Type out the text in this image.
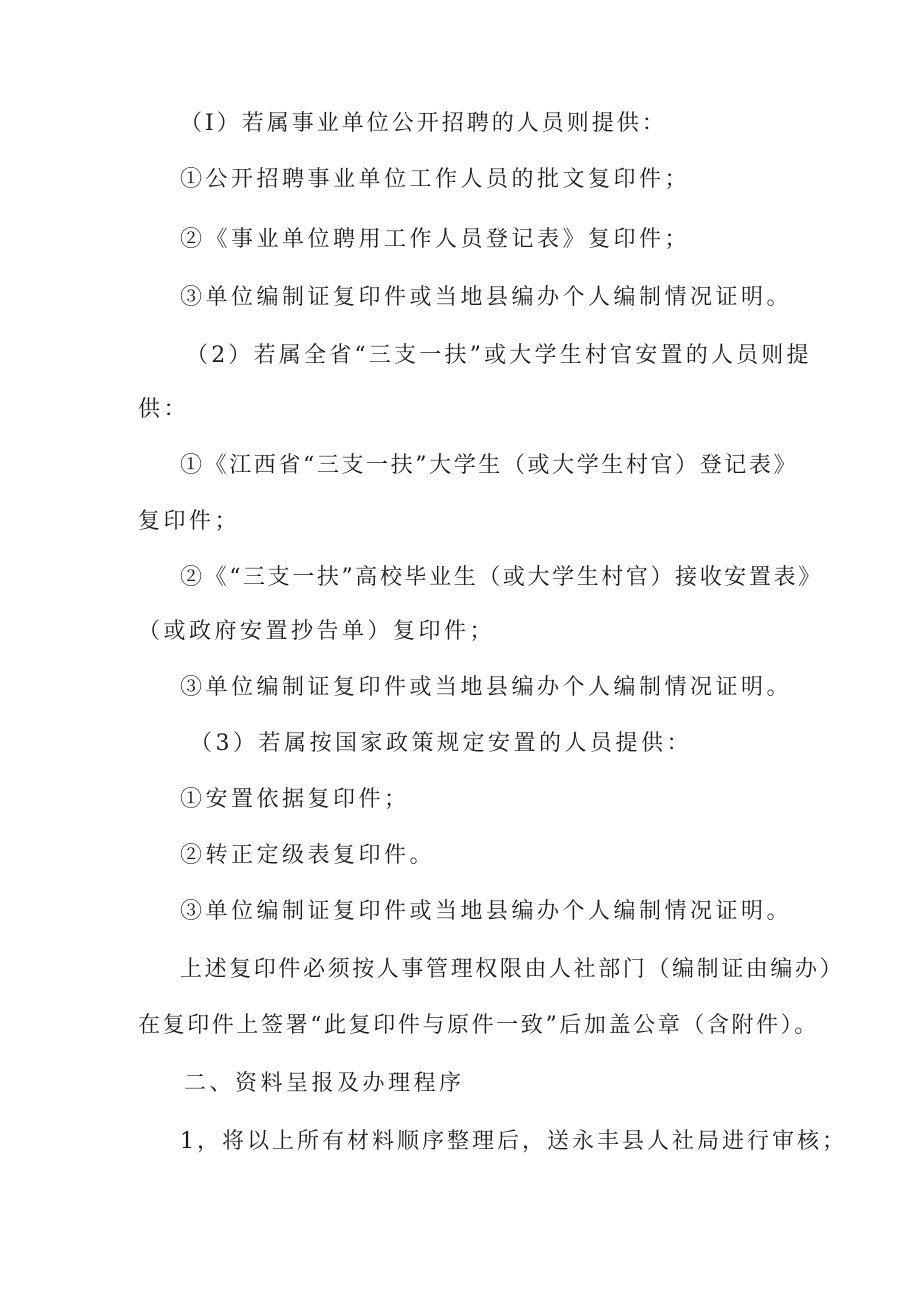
（I）若属事业单位公开招聘的人员则提供：
①公开招聘事业单位工作人员的批文复印件；
②《事业单位聘用工作人员登记表》复印件；
③单位编制证复印件或当地县编办个人编制情况证明。
（2）若属全省“三支一扶”或大学生村官安置的人员则提
供：
①《江西省“三支一扶”大学生（或大学生村官）登记表》
复印件；
②《“三支一扶”高校毕业生（或大学生村官）接收安置表》
（或政府安置抄告单）复印件；
③单位编制证复印件或当地县编办个人编制情况证明。
（3）若属按国家政策规定安置的人员提供：
①安置依据复印件；
②转正定级表复印件。
③单位编制证复印件或当地县编办个人编制情况证明。
上述复印件必须按人事管理权限由人社部门（编制证由编办）
在复印件上签署“此复印件与原件一致”后加盖公章（含附件）。
二、资料呈报及办理程序
1，将以上所有材料顺序整理后，送永丰县人社局进行审核；
